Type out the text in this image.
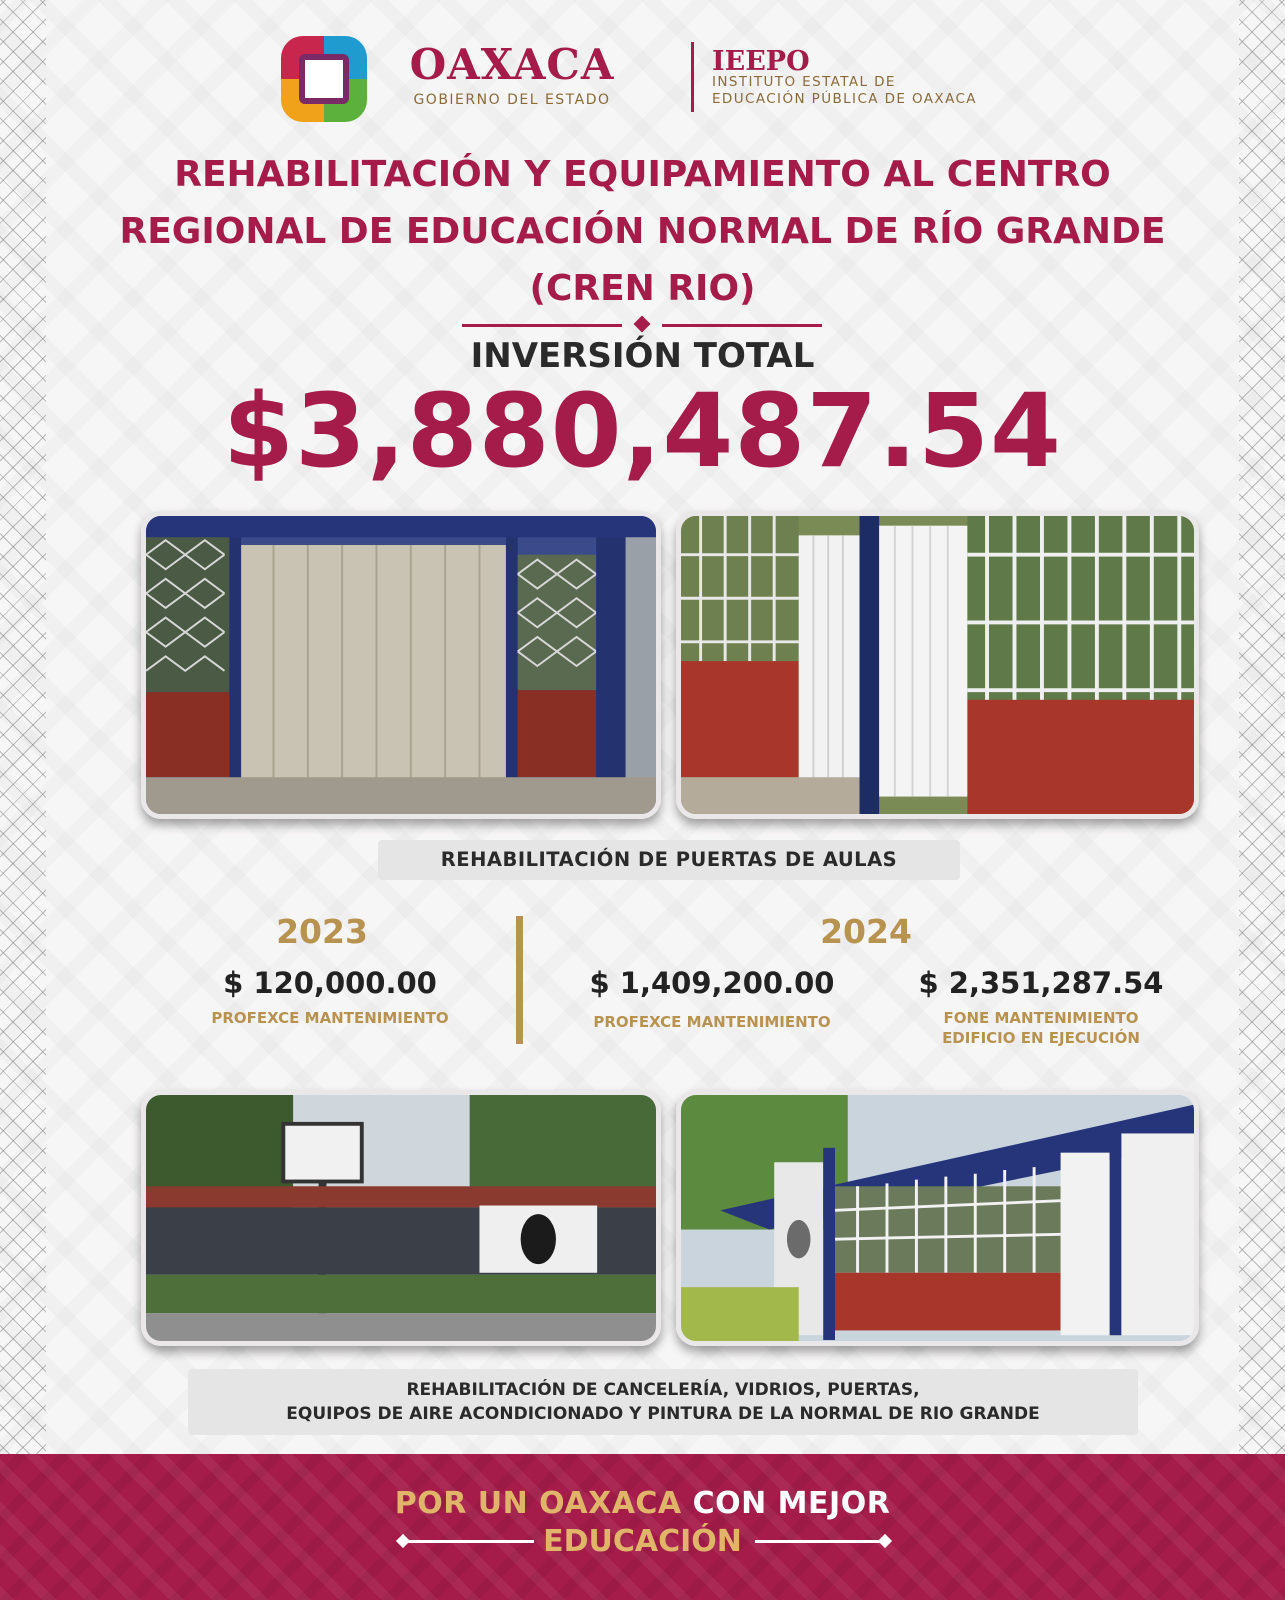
OAXACA
GOBIERNO DEL ESTADO
IEEPO
INSTITUTO ESTATAL DE
EDUCACIÓN PÚBLICA DE OAXACA
REHABILITACIÓN Y EQUIPAMIENTO AL CENTRO
REGIONAL DE EDUCACIÓN NORMAL DE RÍO GRANDE
(CREN RIO)
INVERSIÓN TOTAL
$3,880,487.54
REHABILITACIÓN DE PUERTAS DE AULAS
2023
$ 120,000.00
PROFEXCE MANTENIMIENTO
2024
$ 1,409,200.00
PROFEXCE MANTENIMIENTO
$ 2,351,287.54
FONE MANTENIMIENTO
EDIFICIO EN EJECUCIÓN
REHABILITACIÓN DE CANCELERÍA, VIDRIOS, PUERTAS,
EQUIPOS DE AIRE ACONDICIONADO Y PINTURA DE LA NORMAL DE RIO GRANDE
POR UN OAXACA CON MEJOR
EDUCACIÓN
